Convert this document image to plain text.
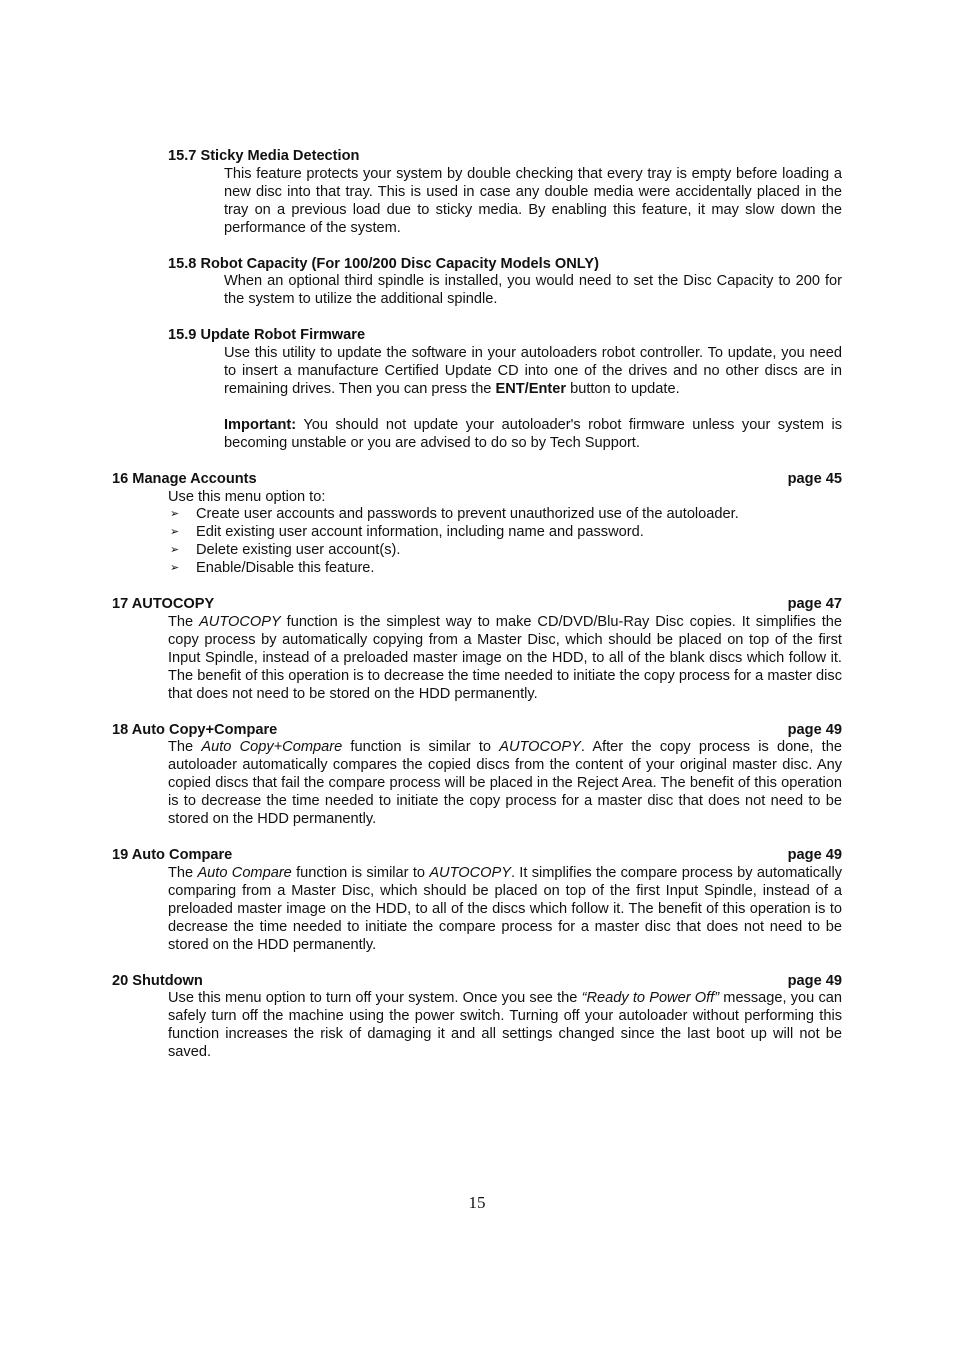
15.7 Sticky Media Detection

This feature protects your system by double checking that every tray is empty before loading a new disc into that tray. This is used in case any double media were accidentally placed in the tray on a previous load due to sticky media. By enabling this feature, it may slow down the performance of the system.

15.8 Robot Capacity (For 100/200 Disc Capacity Models ONLY)

When an optional third spindle is installed, you would need to set the Disc Capacity to 200 for the system to utilize the additional spindle.

15.9 Update Robot Firmware

Use this utility to update the software in your autoloaders robot controller. To update, you need to insert a manufacture Certified Update CD into one of the drives and no other discs are in remaining drives. Then you can press the ENT/Enter button to update.

Important: You should not update your autoloader's robot firmware unless your system is becoming unstable or you are advised to do so by Tech Support.

16 Manage Accounts	page 45

Use this menu option to:

➢ Create user accounts and passwords to prevent unauthorized use of the autoloader.
➢ Edit existing user account information, including name and password.
➢ Delete existing user account(s).
➢ Enable/Disable this feature.
17 AUTOCOPY	page 47

The AUTOCOPY function is the simplest way to make CD/DVD/Blu-Ray Disc copies. It simplifies the copy process by automatically copying from a Master Disc, which should be placed on top of the first Input Spindle, instead of a preloaded master image on the HDD, to all of the blank discs which follow it. The benefit of this operation is to decrease the time needed to initiate the copy process for a master disc that does not need to be stored on the HDD permanently.

18 Auto Copy+Compare	page 49

The Auto Copy+Compare function is similar to AUTOCOPY. After the copy process is done, the autoloader automatically compares the copied discs from the content of your original master disc. Any copied discs that fail the compare process will be placed in the Reject Area. The benefit of this operation is to decrease the time needed to initiate the copy process for a master disc that does not need to be stored on the HDD permanently.

19 Auto Compare	page 49

The Auto Compare function is similar to AUTOCOPY. It simplifies the compare process by automatically comparing from a Master Disc, which should be placed on top of the first Input Spindle, instead of a preloaded master image on the HDD, to all of the discs which follow it. The benefit of this operation is to decrease the time needed to initiate the compare process for a master disc that does not need to be stored on the HDD permanently.

20 Shutdown	page 49

Use this menu option to turn off your system. Once you see the “Ready to Power Off” message, you can safely turn off the machine using the power switch. Turning off your autoloader without performing this function increases the risk of damaging it and all settings changed since the last boot up will not be saved.

15
